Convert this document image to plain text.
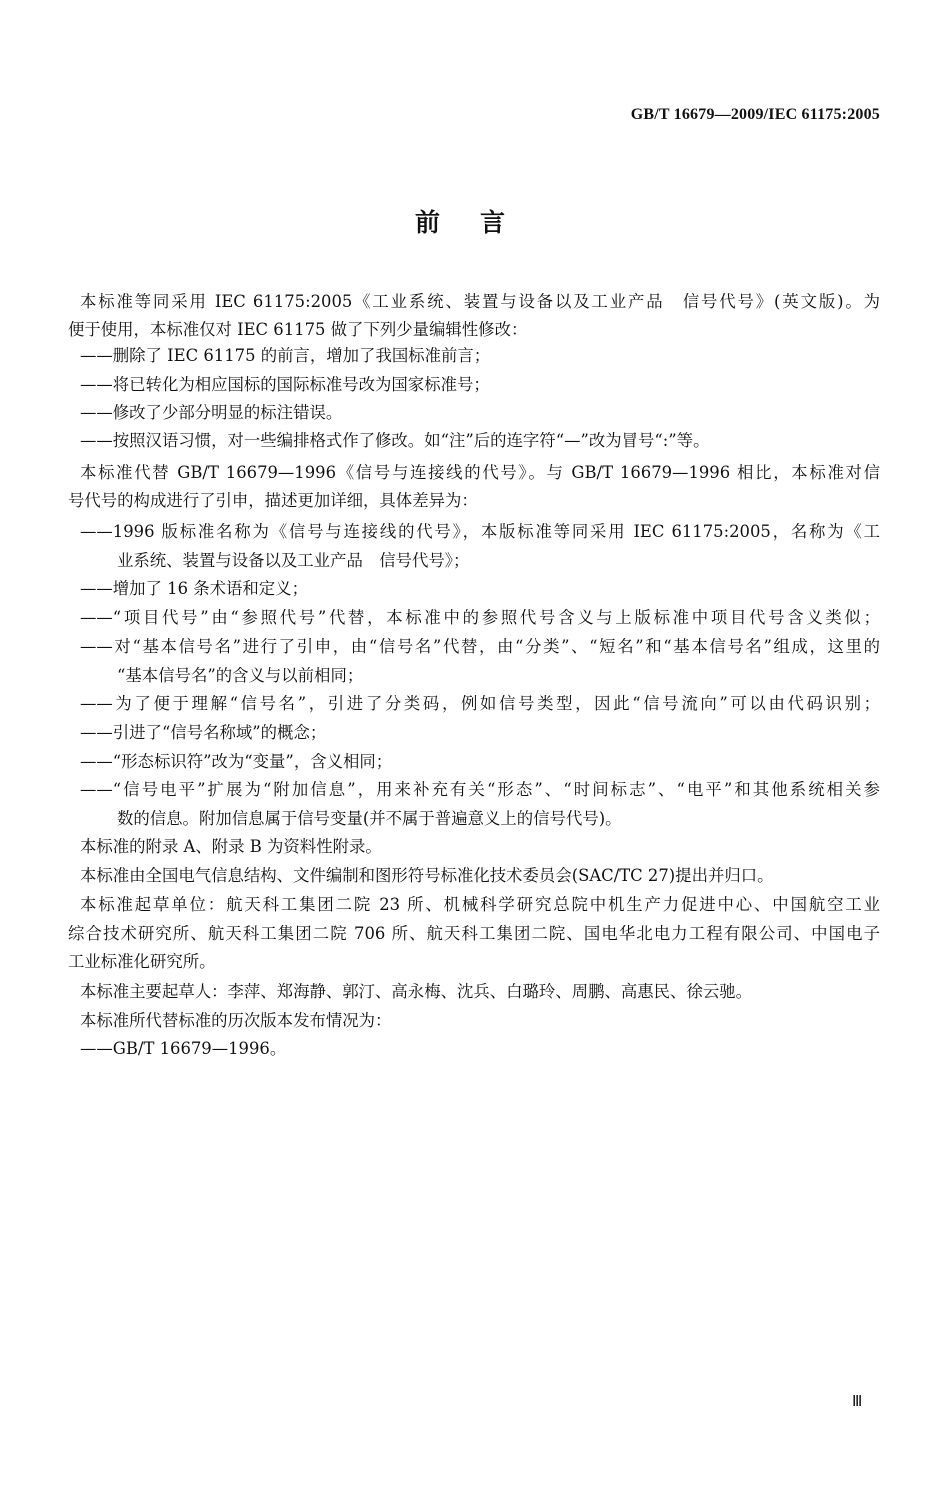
GB/T 16679—2009/IEC 61175:2005
前言
本标准等同采用 IEC 61175:2005《工业系统、装置与设备以及工业产品　信号代号》(英文版)。为
便于使用，本标准仅对 IEC 61175 做了下列少量编辑性修改：
——删除了 IEC 61175 的前言，增加了我国标准前言；
——将已转化为相应国标的国际标准号改为国家标准号；
——修改了少部分明显的标注错误。
——按照汉语习惯，对一些编排格式作了修改。如“注”后的连字符“—”改为冒号“:”等。
本标准代替 GB/T 16679—1996《信号与连接线的代号》。与 GB/T 16679—1996 相比，本标准对信
号代号的构成进行了引申，描述更加详细，具体差异为：
——1996 版标准名称为《信号与连接线的代号》，本版标准等同采用 IEC 61175:2005，名称为《工
业系统、装置与设备以及工业产品　信号代号》；
——增加了 16 条术语和定义；
——“项目代号”由“参照代号”代替，本标准中的参照代号含义与上版标准中项目代号含义类似；
——对“基本信号名”进行了引申，由“信号名”代替，由“分类”、“短名”和“基本信号名”组成，这里的
“基本信号名”的含义与以前相同；
——为了便于理解“信号名”，引进了分类码，例如信号类型，因此“信号流向”可以由代码识别；
——引进了“信号名称域”的概念；
——“形态标识符”改为“变量”，含义相同；
——“信号电平”扩展为“附加信息”，用来补充有关“形态”、“时间标志”、“电平”和其他系统相关参
数的信息。附加信息属于信号变量(并不属于普遍意义上的信号代号)。
本标准的附录 A、附录 B 为资料性附录。
本标准由全国电气信息结构、文件编制和图形符号标准化技术委员会(SAC/TC 27)提出并归口。
本标准起草单位：航天科工集团二院 23 所、机械科学研究总院中机生产力促进中心、中国航空工业
综合技术研究所、航天科工集团二院 706 所、航天科工集团二院、国电华北电力工程有限公司、中国电子
工业标准化研究所。
本标准主要起草人：李萍、郑海静、郭汀、高永梅、沈兵、白璐玲、周鹏、高惠民、徐云驰。
本标准所代替标准的历次版本发布情况为：
——GB/T 16679—1996。
Ⅲ
